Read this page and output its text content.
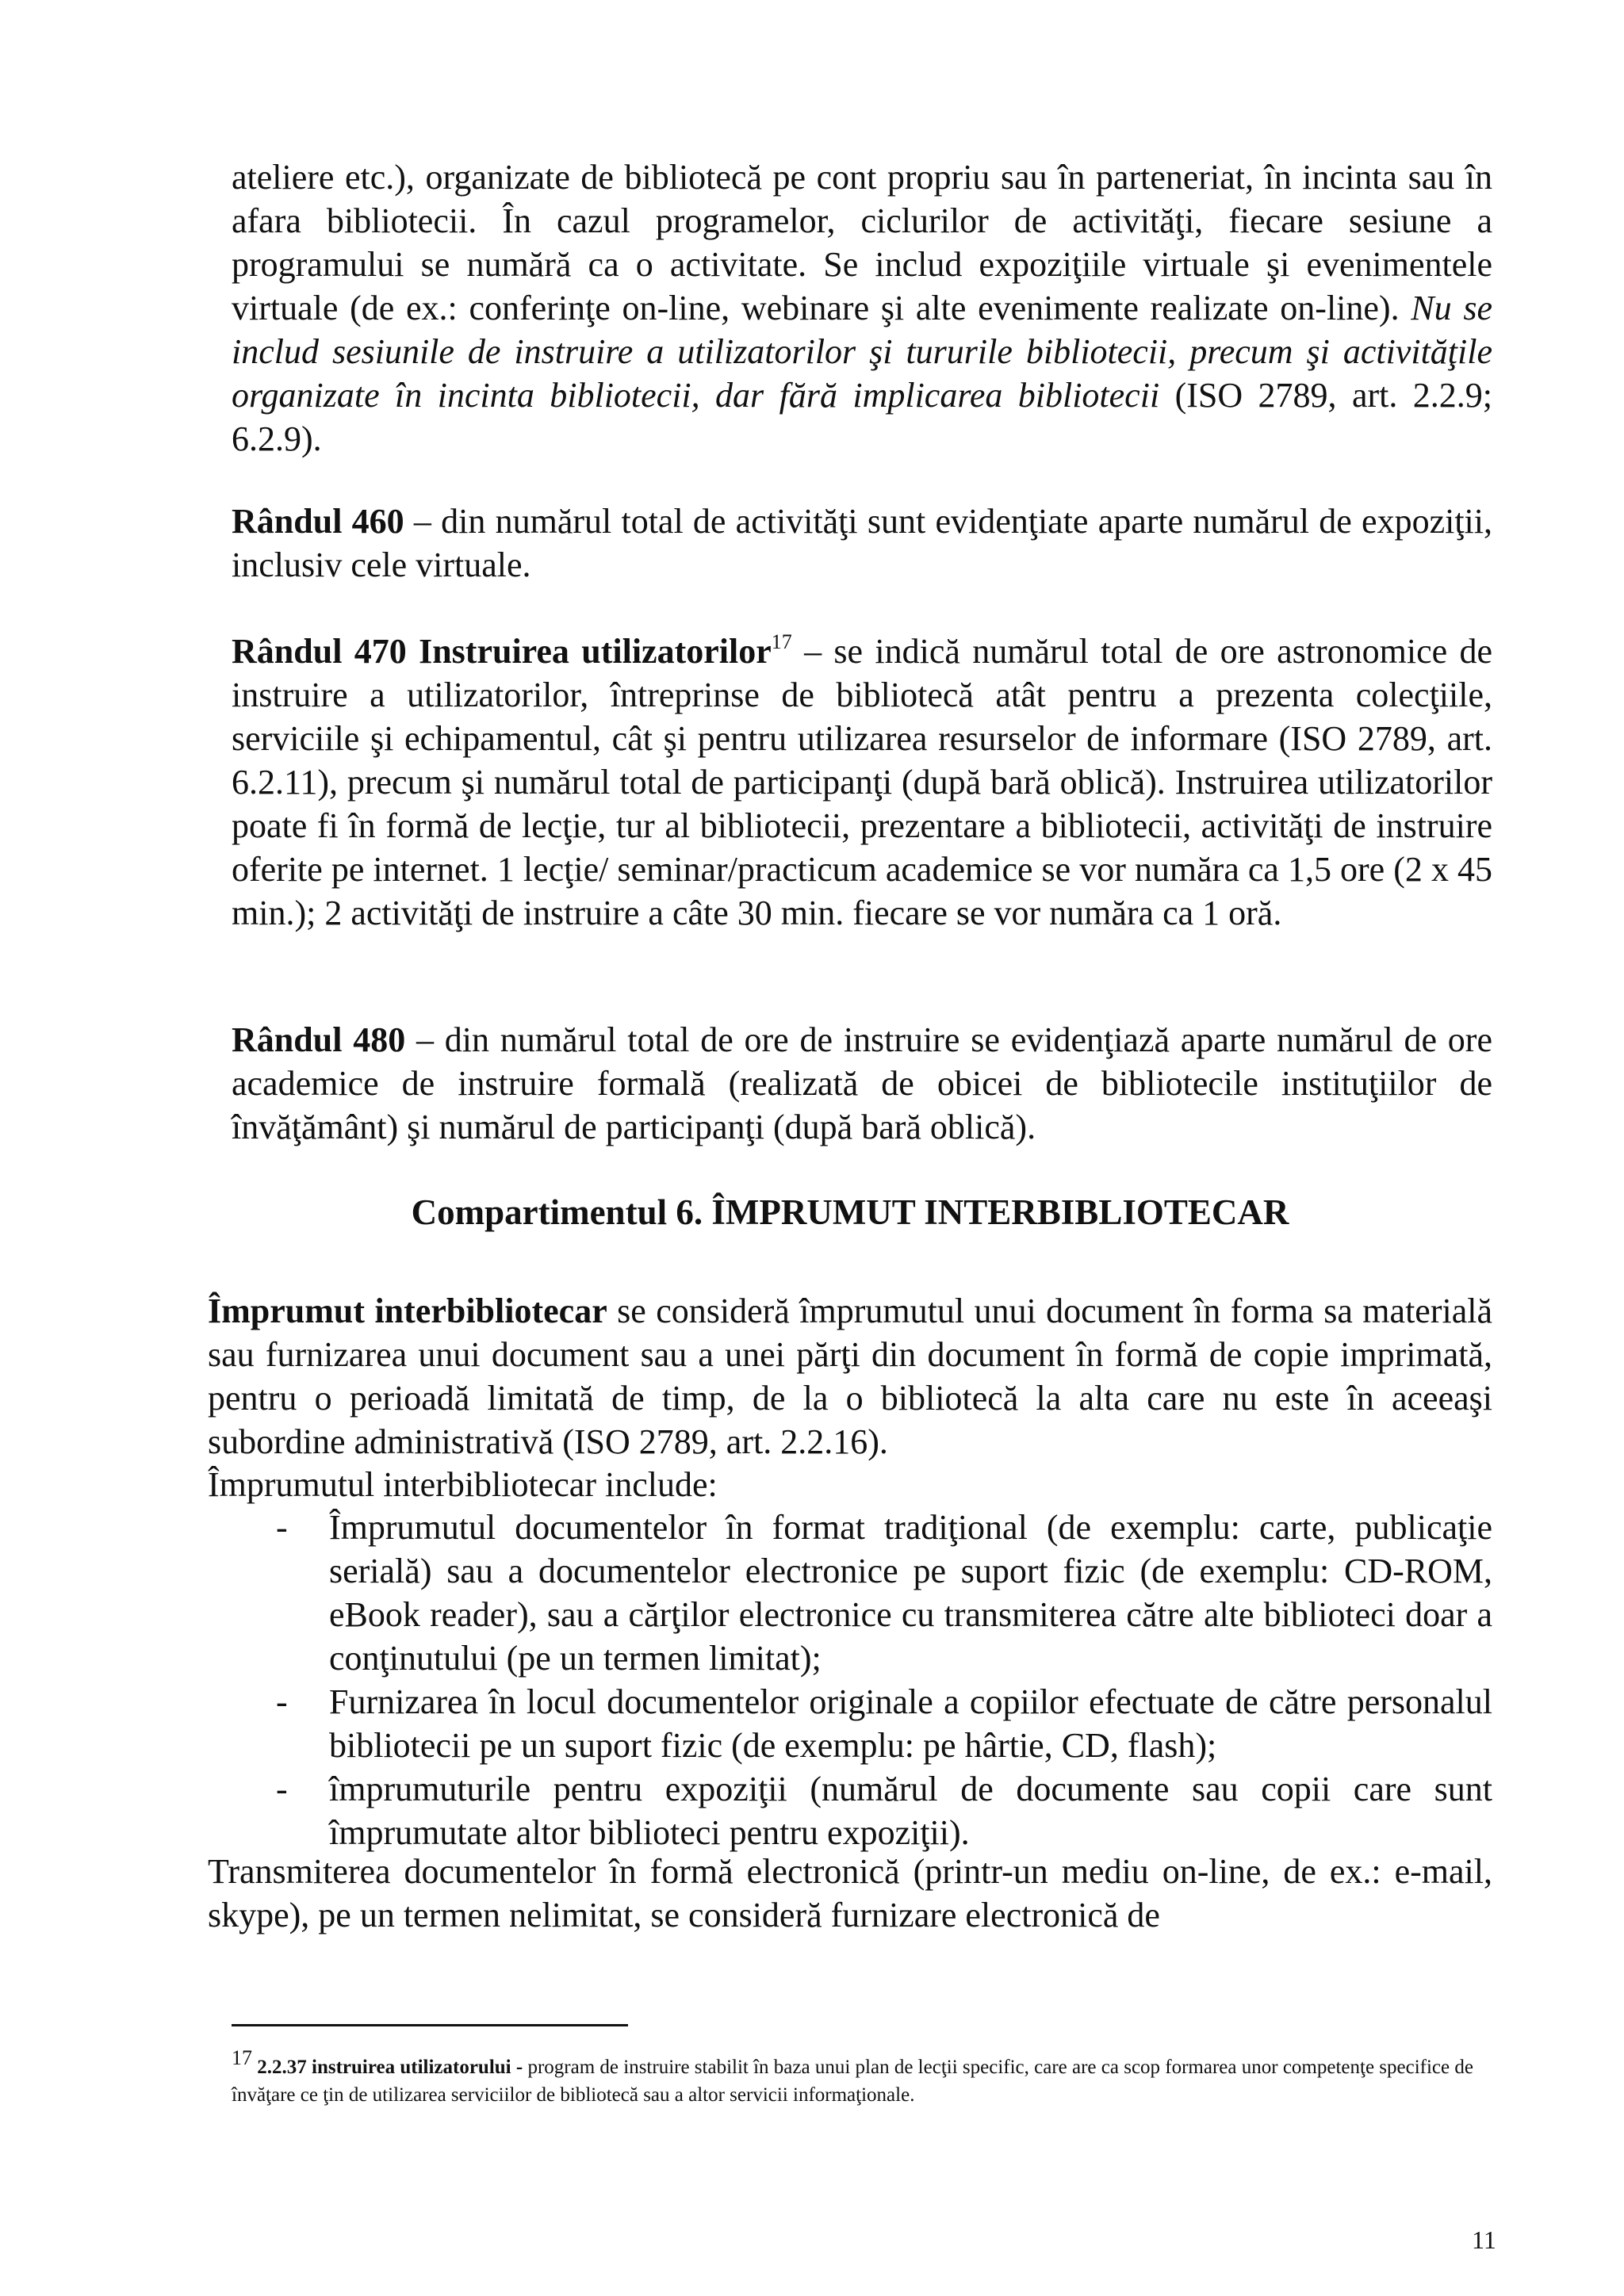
ateliere etc.), organizate de bibliotecă pe cont propriu sau în parteneriat, în incinta sau în afara bibliotecii. În cazul programelor, ciclurilor de activităţi, fiecare sesiune a programului se numără ca o activitate. Se includ expoziţiile virtuale şi evenimentele virtuale (de ex.: conferinţe on-line, webinare şi alte evenimente realizate on-line). Nu se includ sesiunile de instruire a utilizatorilor şi tururile bibliotecii, precum şi activităţile organizate în incinta bibliotecii, dar fără implicarea bibliotecii (ISO 2789, art. 2.2.9; 6.2.9).

Rândul 460 – din numărul total de activităţi sunt evidenţiate aparte numărul de expoziţii, inclusiv cele virtuale.

Rândul 470 Instruirea utilizatorilor$^{17}$ – se indică numărul total de ore astronomice de instruire a utilizatorilor, întreprinse de bibliotecă atât pentru a prezenta colecţiile, serviciile şi echipamentul, cât şi pentru utilizarea resurselor de informare (ISO 2789, art. 6.2.11), precum şi numărul total de participanţi (după bară oblică). Instruirea utilizatorilor poate fi în formă de lecţie, tur al bibliotecii, prezentare a bibliotecii, activităţi de instruire oferite pe internet. 1 lecţie/ seminar/practicum academice se vor număra ca 1,5 ore (2 x 45 min.); 2 activităţi de instruire a câte 30 min. fiecare se vor număra ca 1 oră.

Rândul 480 – din numărul total de ore de instruire se evidenţiază aparte numărul de ore academice de instruire formală (realizată de obicei de bibliotecile instituţiilor de învăţământ) şi numărul de participanţi (după bară oblică).

Compartimentul 6. ÎMPRUMUT INTERBIBLIOTECAR

Împrumut interbibliotecar se consideră împrumutul unui document în forma sa materială sau furnizarea unui document sau a unei părţi din document în formă de copie imprimată, pentru o perioadă limitată de timp, de la o bibliotecă la alta care nu este în aceeaşi subordine administrativă (ISO 2789, art. 2.2.16).

Împrumutul interbibliotecar include:

- Împrumutul documentelor în format tradiţional (de exemplu: carte, publicaţie serială) sau a documentelor electronice pe suport fizic (de exemplu: CD-ROM, eBook reader), sau a cărţilor electronice cu transmiterea către alte biblioteci doar a conţinutului (pe un termen limitat);
- Furnizarea în locul documentelor originale a copiilor efectuate de către personalul bibliotecii pe un suport fizic (de exemplu: pe hârtie, CD, flash);
- împrumuturile pentru expoziţii (numărul de documente sau copii care sunt împrumutate altor biblioteci pentru expoziţii).

Transmiterea documentelor în formă electronică (printr-un mediu on-line, de ex.: e-mail, skype), pe un termen nelimitat, se consideră furnizare electronică de

$^{17}$ 2.2.37 instruirea utilizatorului - program de instruire stabilit în baza unui plan de lecţii specific, care are ca scop formarea unor competenţe specifice de învăţare ce ţin de utilizarea serviciilor de bibliotecă sau a altor servicii informaţionale.

11
